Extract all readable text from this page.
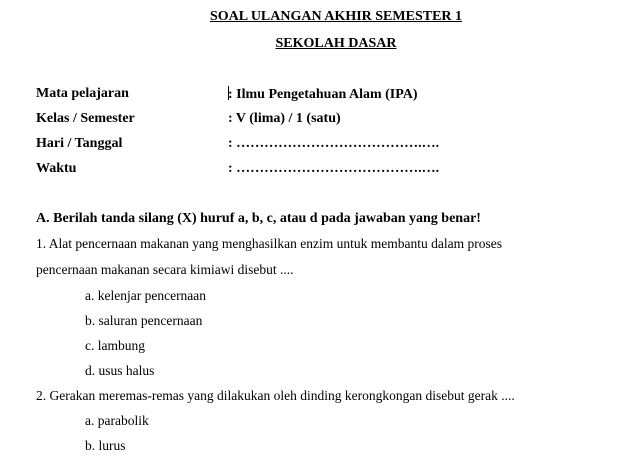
SOAL ULANGAN AKHIR SEMESTER 1
SEKOLAH DASAR
Mata pelajaran	: Ilmu Pengetahuan Alam (IPA)
Kelas / Semester	: V (lima) / 1 (satu)
Hari / Tanggal	: ………………………………….….
Waktu	: ………………………………….….
A. Berilah tanda silang (X) huruf a, b, c, atau d pada jawaban yang benar!
1. Alat pencernaan makanan yang menghasilkan enzim untuk membantu dalam proses
pencernaan makanan secara kimiawi disebut ....
a. kelenjar pencernaan
b. saluran pencernaan
c. lambung
d. usus halus
2. Gerakan meremas-remas yang dilakukan oleh dinding kerongkongan disebut gerak ....
a. parabolik
b. lurus
